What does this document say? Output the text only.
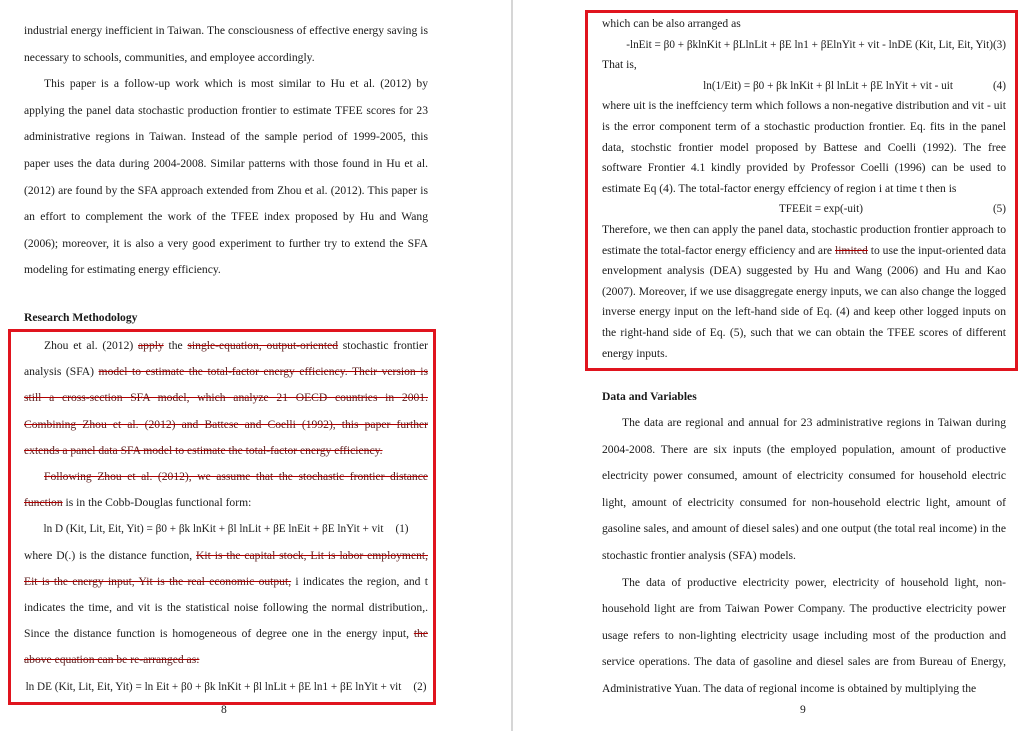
industrial energy inefficient in Taiwan. The consciousness of effective energy saving is necessary to schools, communities, and employee accordingly.

This paper is a follow-up work which is most similar to Hu et al. (2012) by applying the panel data stochastic production frontier to estimate TFEE scores for 23 administrative regions in Taiwan. Instead of the sample period of 1999-2005, this paper uses the data during 2004-2008. Similar patterns with those found in Hu et al. (2012) are found by the SFA approach extended from Zhou et al. (2012). This paper is an effort to complement the work of the TFEE index proposed by Hu and Wang (2006); moreover, it is also a very good experiment to further try to extend the SFA modeling for estimating energy efficiency.

Research Methodology

Zhou et al. (2012) apply the single-equation, output-oriented stochastic frontier analysis (SFA) model to estimate the total-factor energy efficiency. Their version is still a cross-section SFA model, which analyze 21 OECD countries in 2001. Combining Zhou et al. (2012) and Battese and Coelli (1992), this paper further extends a panel data SFA model to estimate the total-factor energy efficiency.

Following Zhou et al. (2012), we assume that the stochastic frontier distance function is in the Cobb-Douglas functional form:

ln D (Kit, Lit, Eit, Yit) = β0 + βk lnKit + βl lnLit + βE lnEit + βE lnYit + vit (1)

where D(.) is the distance function, Kit is the capital stock, Lit is labor employment, Eit is the energy input, Yit is the real economic output, i indicates the region, and t indicates the time, and vit is the statistical noise following the normal distribution,. Since the distance function is homogeneous of degree one in the energy input, the above equation can be re-arranged as:

ln DE (Kit, Lit, Eit, Yit) = ln Eit + β0 + βk lnKit + βl lnLit + βE ln1 + βE lnYit + vit (2)
8

which can be also arranged as

-lnEit = β0 + βklnKit + βLlnLit + βE ln1 + βElnYit + vit - lnDE (Kit, Lit, Eit, Yit)(3)

That is,

ln(1/Eit) = β0 + βk lnKit + βl lnLit + βE lnYit + vit - uit	(4)

where uit is the ineffciency term which follows a non-negative distribution and vit - uit is the error component term of a stochastic production frontier. Eq. fits in the panel data, stochstic frontier model proposed by Battese and Coelli (1992). The free software Frontier 4.1 kindly provided by Professor Coelli (1996) can be used to estimate Eq (4). The total-factor energy effciency of region i at time t then is

TFEEit = exp(-uit)	(5)

Therefore, we then can apply the panel data, stochastic production frontier approach to estimate the total-factor energy efficiency and are limited to use the input-oriented data envelopment analysis (DEA) suggested by Hu and Wang (2006) and Hu and Kao (2007). Moreover, if we use disaggregate energy inputs, we can also change the logged inverse energy input on the left-hand side of Eq. (4) and keep other logged inputs on the right-hand side of Eq. (5), such that we can obtain the TFEE scores of different energy inputs.

Data and Variables

The data are regional and annual for 23 administrative regions in Taiwan during 2004-2008. There are six inputs (the employed population, amount of productive electricity power consumed, amount of electricity consumed for household electric light, amount of electricity consumed for non-household electric light, amount of gasoline sales, and amount of diesel sales) and one output (the total real income) in the stochastic frontier analysis (SFA) models.

The data of productive electricity power, electricity of household light, non-household light are from Taiwan Power Company. The productive electricity power usage refers to non-lighting electricity usage including most of the production and service operations. The data of gasoline and diesel sales are from Bureau of Energy, Administrative Yuan. The data of regional income is obtained by multiplying the

9
